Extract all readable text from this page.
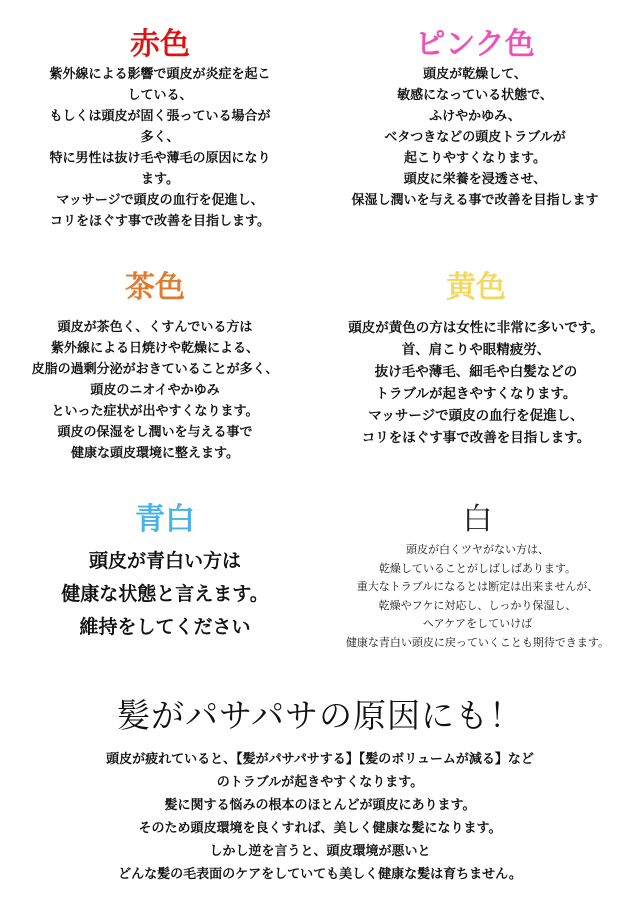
赤色
紫外線による影響で頭皮が炎症を起こ
している、
もしくは頭皮が固く張っている場合が
多く、
特に男性は抜け毛や薄毛の原因になり
ます。
マッサージで頭皮の血行を促進し、
コリをほぐす事で改善を目指します。
ピンク色
頭皮が乾燥して、
敏感になっている状態で、
ふけやかゆみ、
ベタつきなどの頭皮トラブルが
起こりやすくなります。
頭皮に栄養を浸透させ、
保湿し潤いを与える事で改善を目指します
茶色
頭皮が茶色く、くすんでいる方は
紫外線による日焼けや乾燥による、
皮脂の過剰分泌がおきていることが多く、
頭皮のニオイやかゆみ
といった症状が出やすくなります。
頭皮の保湿をし潤いを与える事で
健康な頭皮環境に整えます。
黄色
頭皮が黄色の方は女性に非常に多いです。
首、肩こりや眼精疲労、
抜け毛や薄毛、細毛や白髪などの
トラブルが起きやすくなります。
マッサージで頭皮の血行を促進し、
コリをほぐす事で改善を目指します。
青白
頭皮が青白い方は
健康な状態と言えます。
維持をしてください
白
頭皮が白くツヤがない方は、
乾燥していることがしばしばあります。
重大なトラブルになるとは断定は出来ませんが、
乾燥やフケに対応し、しっかり保湿し、
ヘアケアをしていけば
健康な青白い頭皮に戻っていくことも期待できます。
髪がパサパサの原因にも！
頭皮が疲れていると、【髪がパサパサする】【髪のボリュームが減る】など
のトラブルが起きやすくなります。
髪に関する悩みの根本のほとんどが頭皮にあります。
そのため頭皮環境を良くすれば、美しく健康な髪になります。
しかし逆を言うと、頭皮環境が悪いと
どんな髪の毛表面のケアをしていても美しく健康な髪は育ちません。
